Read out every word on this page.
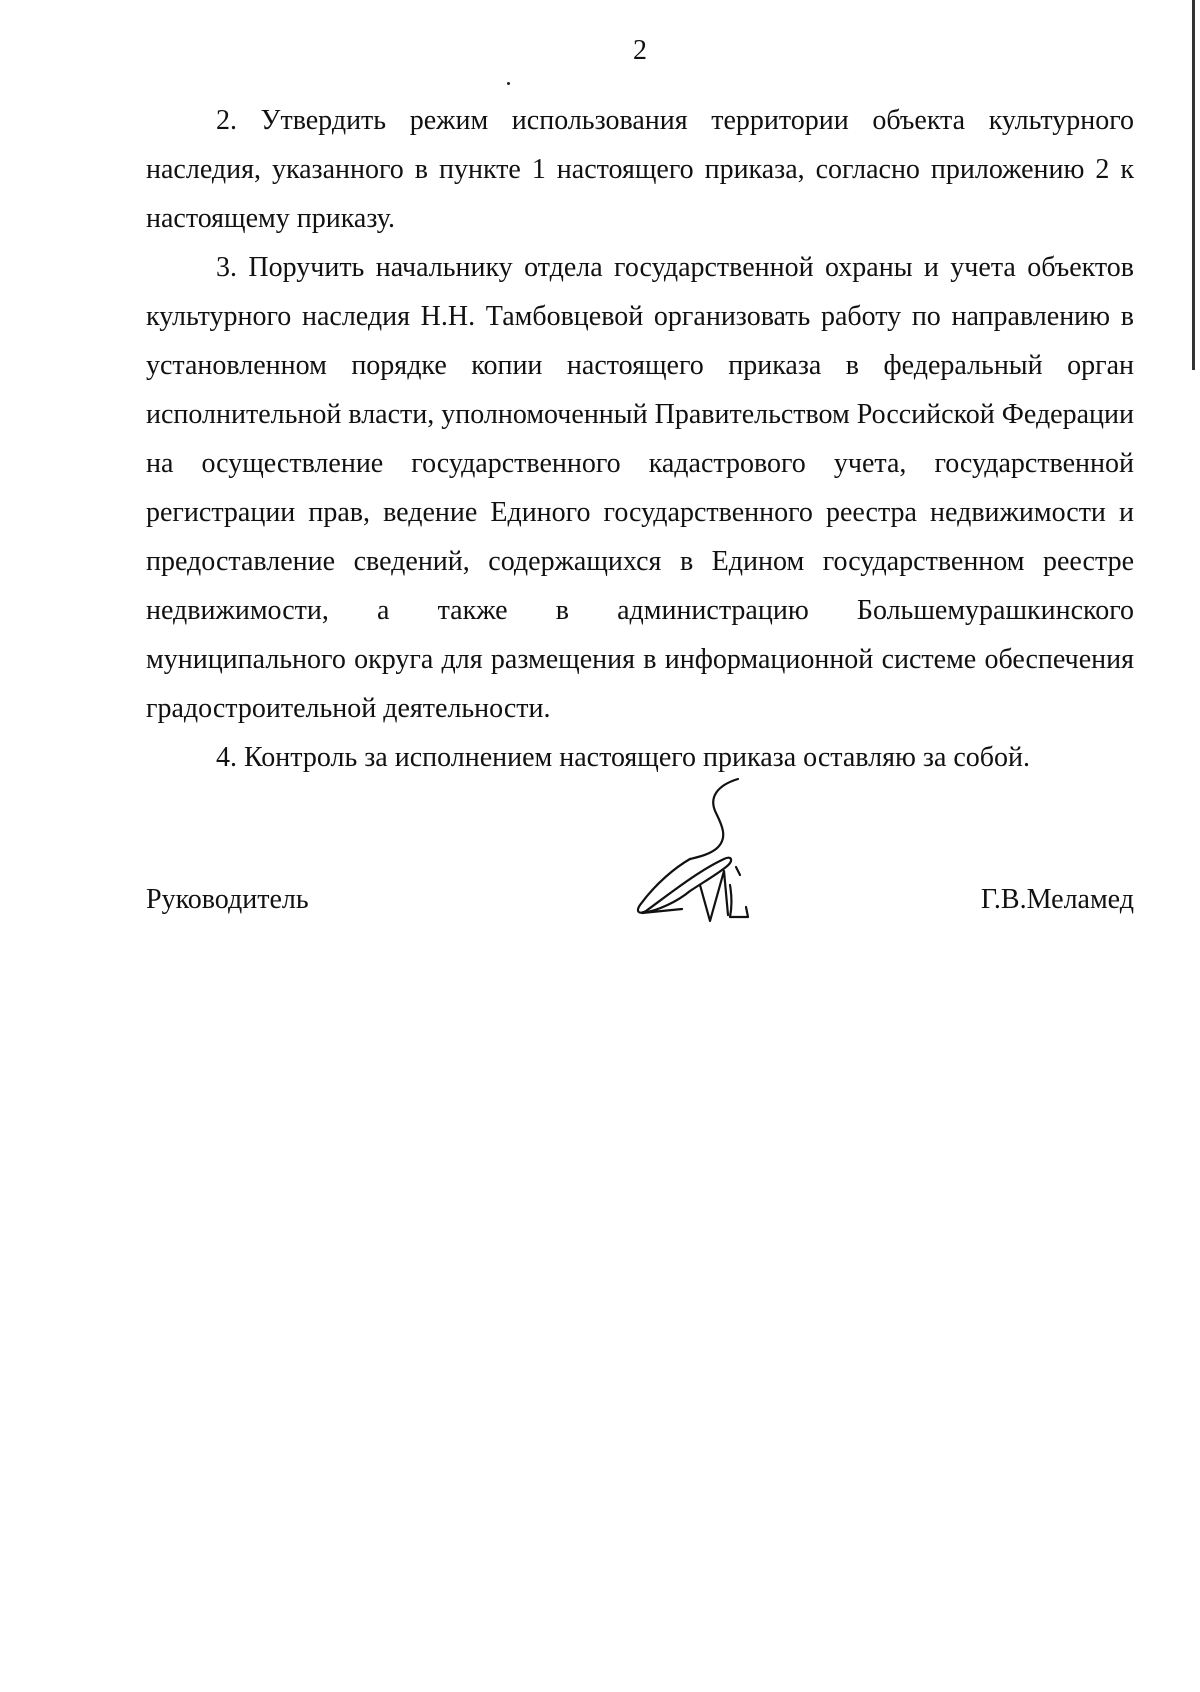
2

2. Утвердить режим использования территории объекта культурного наследия, указанного в пункте 1 настоящего приказа, согласно приложению 2 к настоящему приказу.

3. Поручить начальнику отдела государственной охраны и учета объектов культурного наследия Н.Н. Тамбовцевой организовать работу по направлению в установленном порядке копии настоящего приказа в федеральный орган исполнительной власти, уполномоченный Правительством Российской Федерации на осуществление государственного кадастрового учета, государственной регистрации прав, ведение Единого государственного реестра недвижимости и предоставление сведений, содержащихся в Едином государственном реестре недвижимости, а также в администрацию Большемурашкинского муниципального округа для размещения в информационной системе обеспечения градостроительной деятельности.

4. Контроль за исполнением настоящего приказа оставляю за собой.

Руководитель	Г.В.Меламед
